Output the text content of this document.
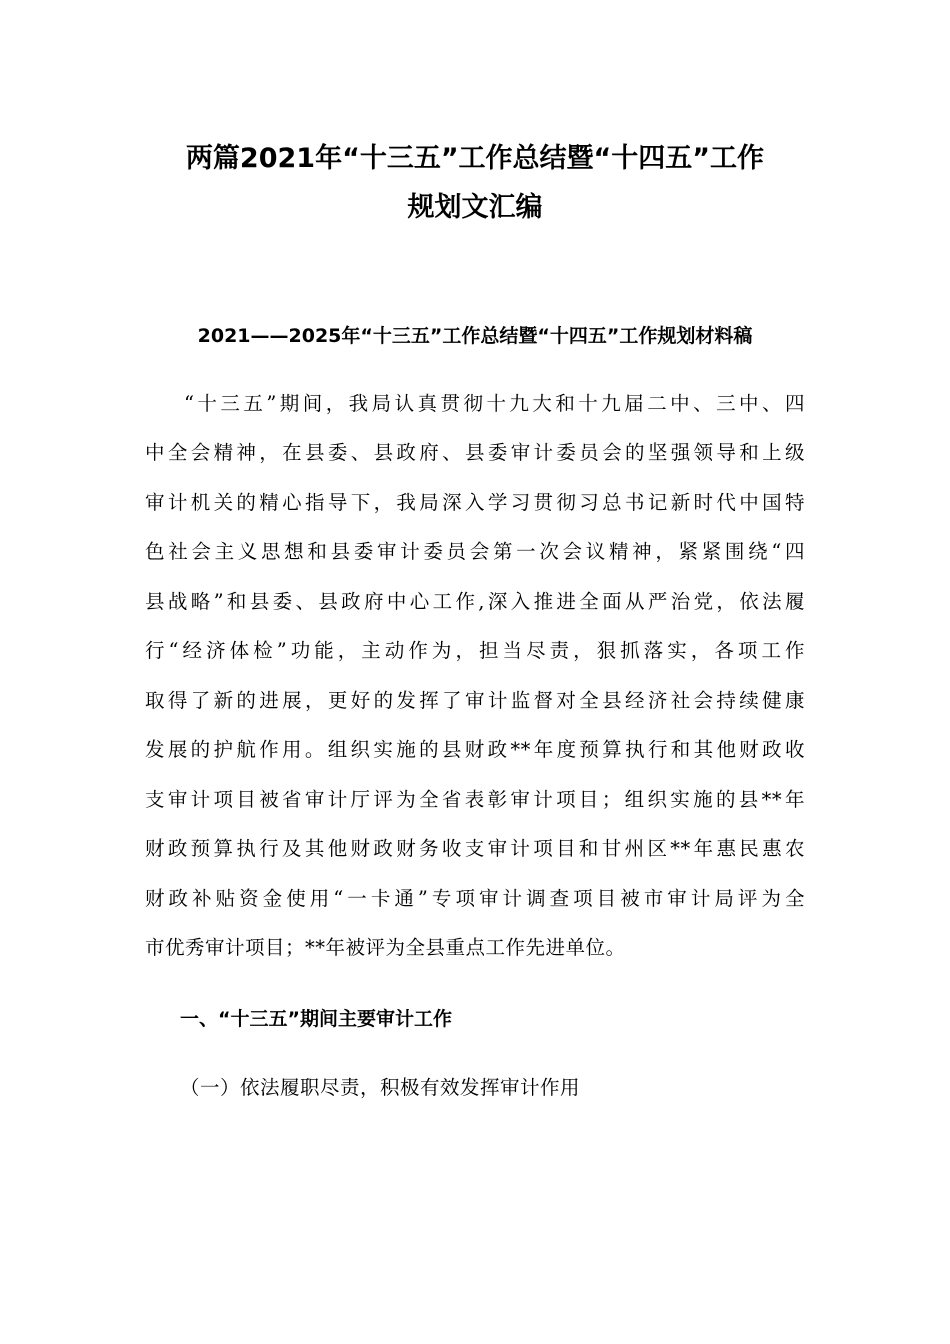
两篇2021年“十三五”工作总结暨“十四五”工作
规划文汇编
2021——2025年“十三五”工作总结暨“十四五”工作规划材料稿
“十三五”期间，我局认真贯彻十九大和十九届二中、三中、四
中全会精神，在县委、县政府、县委审计委员会的坚强领导和上级
审计机关的精心指导下，我局深入学习贯彻习总书记新时代中国特
色社会主义思想和县委审计委员会第一次会议精神，紧紧围绕“四
县战略”和县委、县政府中心工作,深入推进全面从严治党，依法履
行“经济体检”功能，主动作为，担当尽责，狠抓落实，各项工作
取得了新的进展，更好的发挥了审计监督对全县经济社会持续健康
发展的护航作用。组织实施的县财政**年度预算执行和其他财政收
支审计项目被省审计厅评为全省表彰审计项目；组织实施的县**年
财政预算执行及其他财政财务收支审计项目和甘州区**年惠民惠农
财政补贴资金使用“一卡通”专项审计调查项目被市审计局评为全
市优秀审计项目；**年被评为全县重点工作先进单位。
一、“十三五”期间主要审计工作
（一）依法履职尽责，积极有效发挥审计作用
